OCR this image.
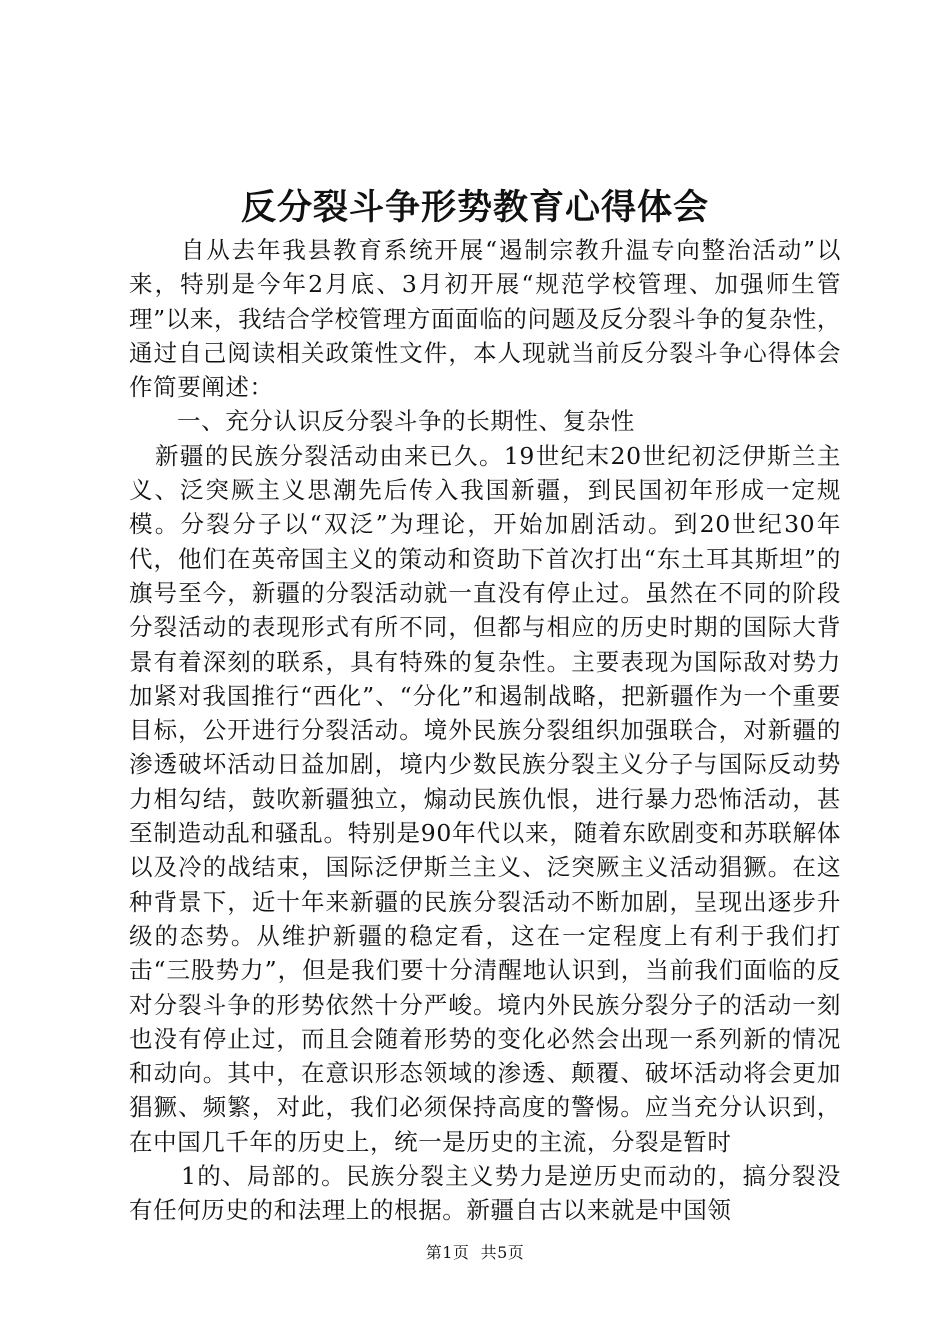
反分裂斗争形势教育心得体会

自从去年我县教育系统开展“遏制宗教升温专向整治活动”以来，特别是今年2月底、3月初开展“规范学校管理、加强师生管理”以来，我结合学校管理方面面临的问题及反分裂斗争的复杂性，通过自己阅读相关政策性文件，本人现就当前反分裂斗争心得体会作简要阐述：

一、充分认识反分裂斗争的长期性、复杂性

新疆的民族分裂活动由来已久。19世纪末20世纪初泛伊斯兰主义、泛突厥主义思潮先后传入我国新疆，到民国初年形成一定规模。分裂分子以“双泛”为理论，开始加剧活动。到20世纪30年代，他们在英帝国主义的策动和资助下首次打出“东土耳其斯坦”的旗号至今，新疆的分裂活动就一直没有停止过。虽然在不同的阶段分裂活动的表现形式有所不同，但都与相应的历史时期的国际大背景有着深刻的联系，具有特殊的复杂性。主要表现为国际敌对势力加紧对我国推行“西化”、“分化”和遏制战略，把新疆作为一个重要目标，公开进行分裂活动。境外民族分裂组织加强联合，对新疆的渗透破坏活动日益加剧，境内少数民族分裂主义分子与国际反动势力相勾结，鼓吹新疆独立，煽动民族仇恨，进行暴力恐怖活动，甚至制造动乱和骚乱。特别是90年代以来，随着东欧剧变和苏联解体以及冷的战结束，国际泛伊斯兰主义、泛突厥主义活动猖獗。在这种背景下，近十年来新疆的民族分裂活动不断加剧，呈现出逐步升级的态势。从维护新疆的稳定看，这在一定程度上有利于我们打击“三股势力”，但是我们要十分清醒地认识到，当前我们面临的反对分裂斗争的形势依然十分严峻。境内外民族分裂分子的活动一刻也没有停止过，而且会随着形势的变化必然会出现一系列新的情况和动向。其中，在意识形态领域的渗透、颠覆、破坏活动将会更加猖獗、频繁，对此，我们必须保持高度的警惕。应当充分认识到，在中国几千年的历史上，统一是历史的主流，分裂是暂时

1的、局部的。民族分裂主义势力是逆历史而动的，搞分裂没有任何历史的和法理上的根据。新疆自古以来就是中国领

第1页 共5页
